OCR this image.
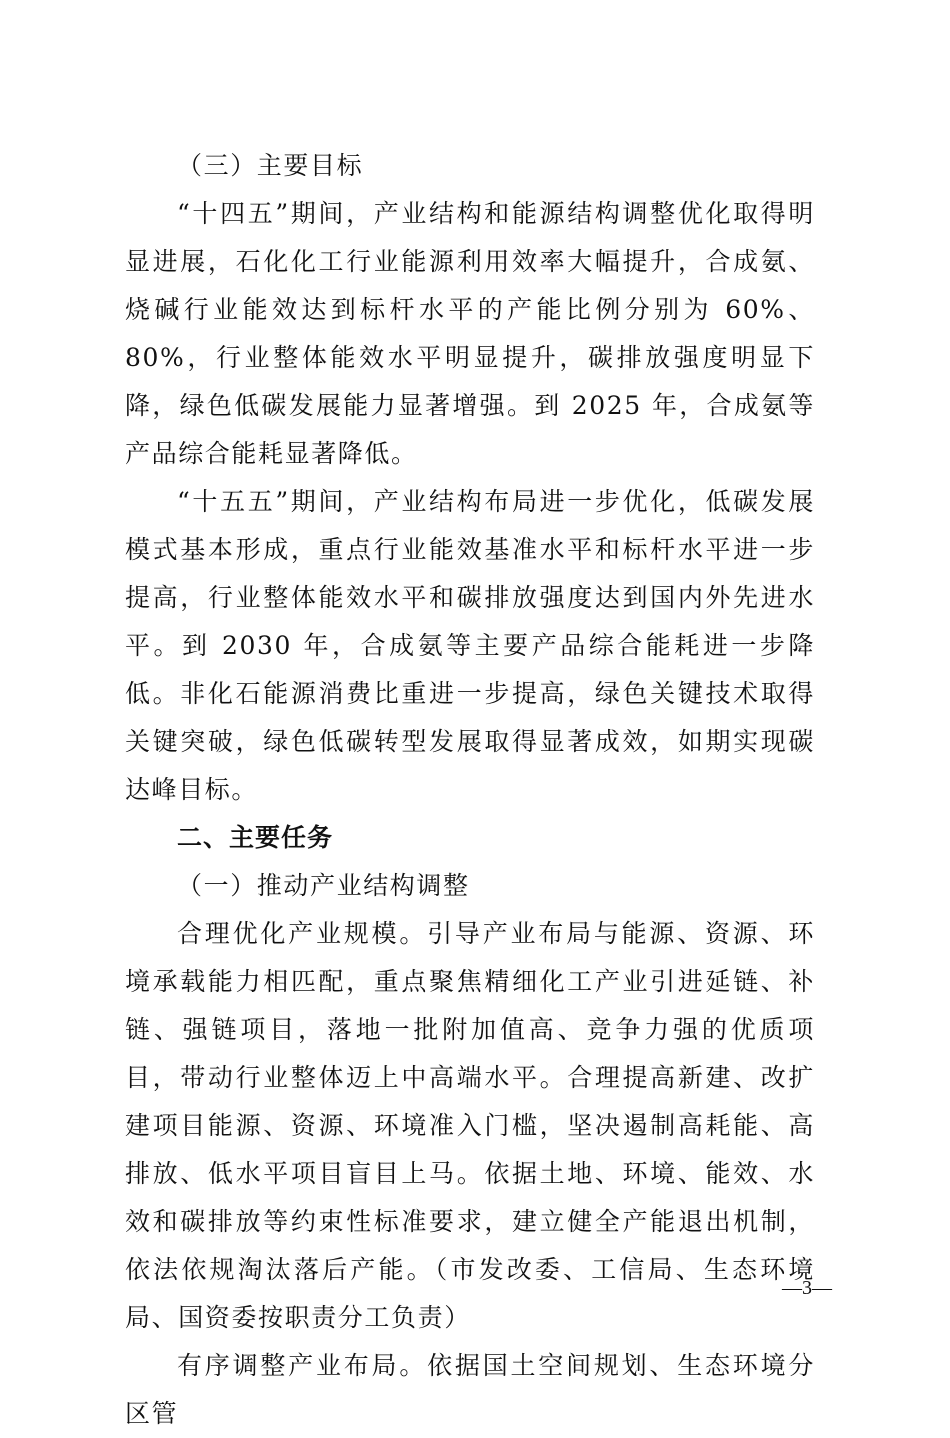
（三）主要目标

“十四五”期间，产业结构和能源结构调整优化取得明显进展，石化化工行业能源利用效率大幅提升，合成氨、烧碱行业能效达到标杆水平的产能比例分别为 60%、80%，行业整体能效水平明显提升，碳排放强度明显下降，绿色低碳发展能力显著增强。到 2025 年，合成氨等产品综合能耗显著降低。

“十五五”期间，产业结构布局进一步优化，低碳发展模式基本形成，重点行业能效基准水平和标杆水平进一步提高，行业整体能效水平和碳排放强度达到国内外先进水平。到 2030 年，合成氨等主要产品综合能耗进一步降低。非化石能源消费比重进一步提高，绿色关键技术取得关键突破，绿色低碳转型发展取得显著成效，如期实现碳达峰目标。

二、主要任务

（一）推动产业结构调整

合理优化产业规模。引导产业布局与能源、资源、环境承载能力相匹配，重点聚焦精细化工产业引进延链、补链、强链项目，落地一批附加值高、竞争力强的优质项目，带动行业整体迈上中高端水平。合理提高新建、改扩建项目能源、资源、环境准入门槛，坚决遏制高耗能、高排放、低水平项目盲目上马。依据土地、环境、能效、水效和碳排放等约束性标准要求，建立健全产能退出机制，依法依规淘汰落后产能。（市发改委、工信局、生态环境局、国资委按职责分工负责）

有序调整产业布局。依据国土空间规划、生态环境分区管

—3—
